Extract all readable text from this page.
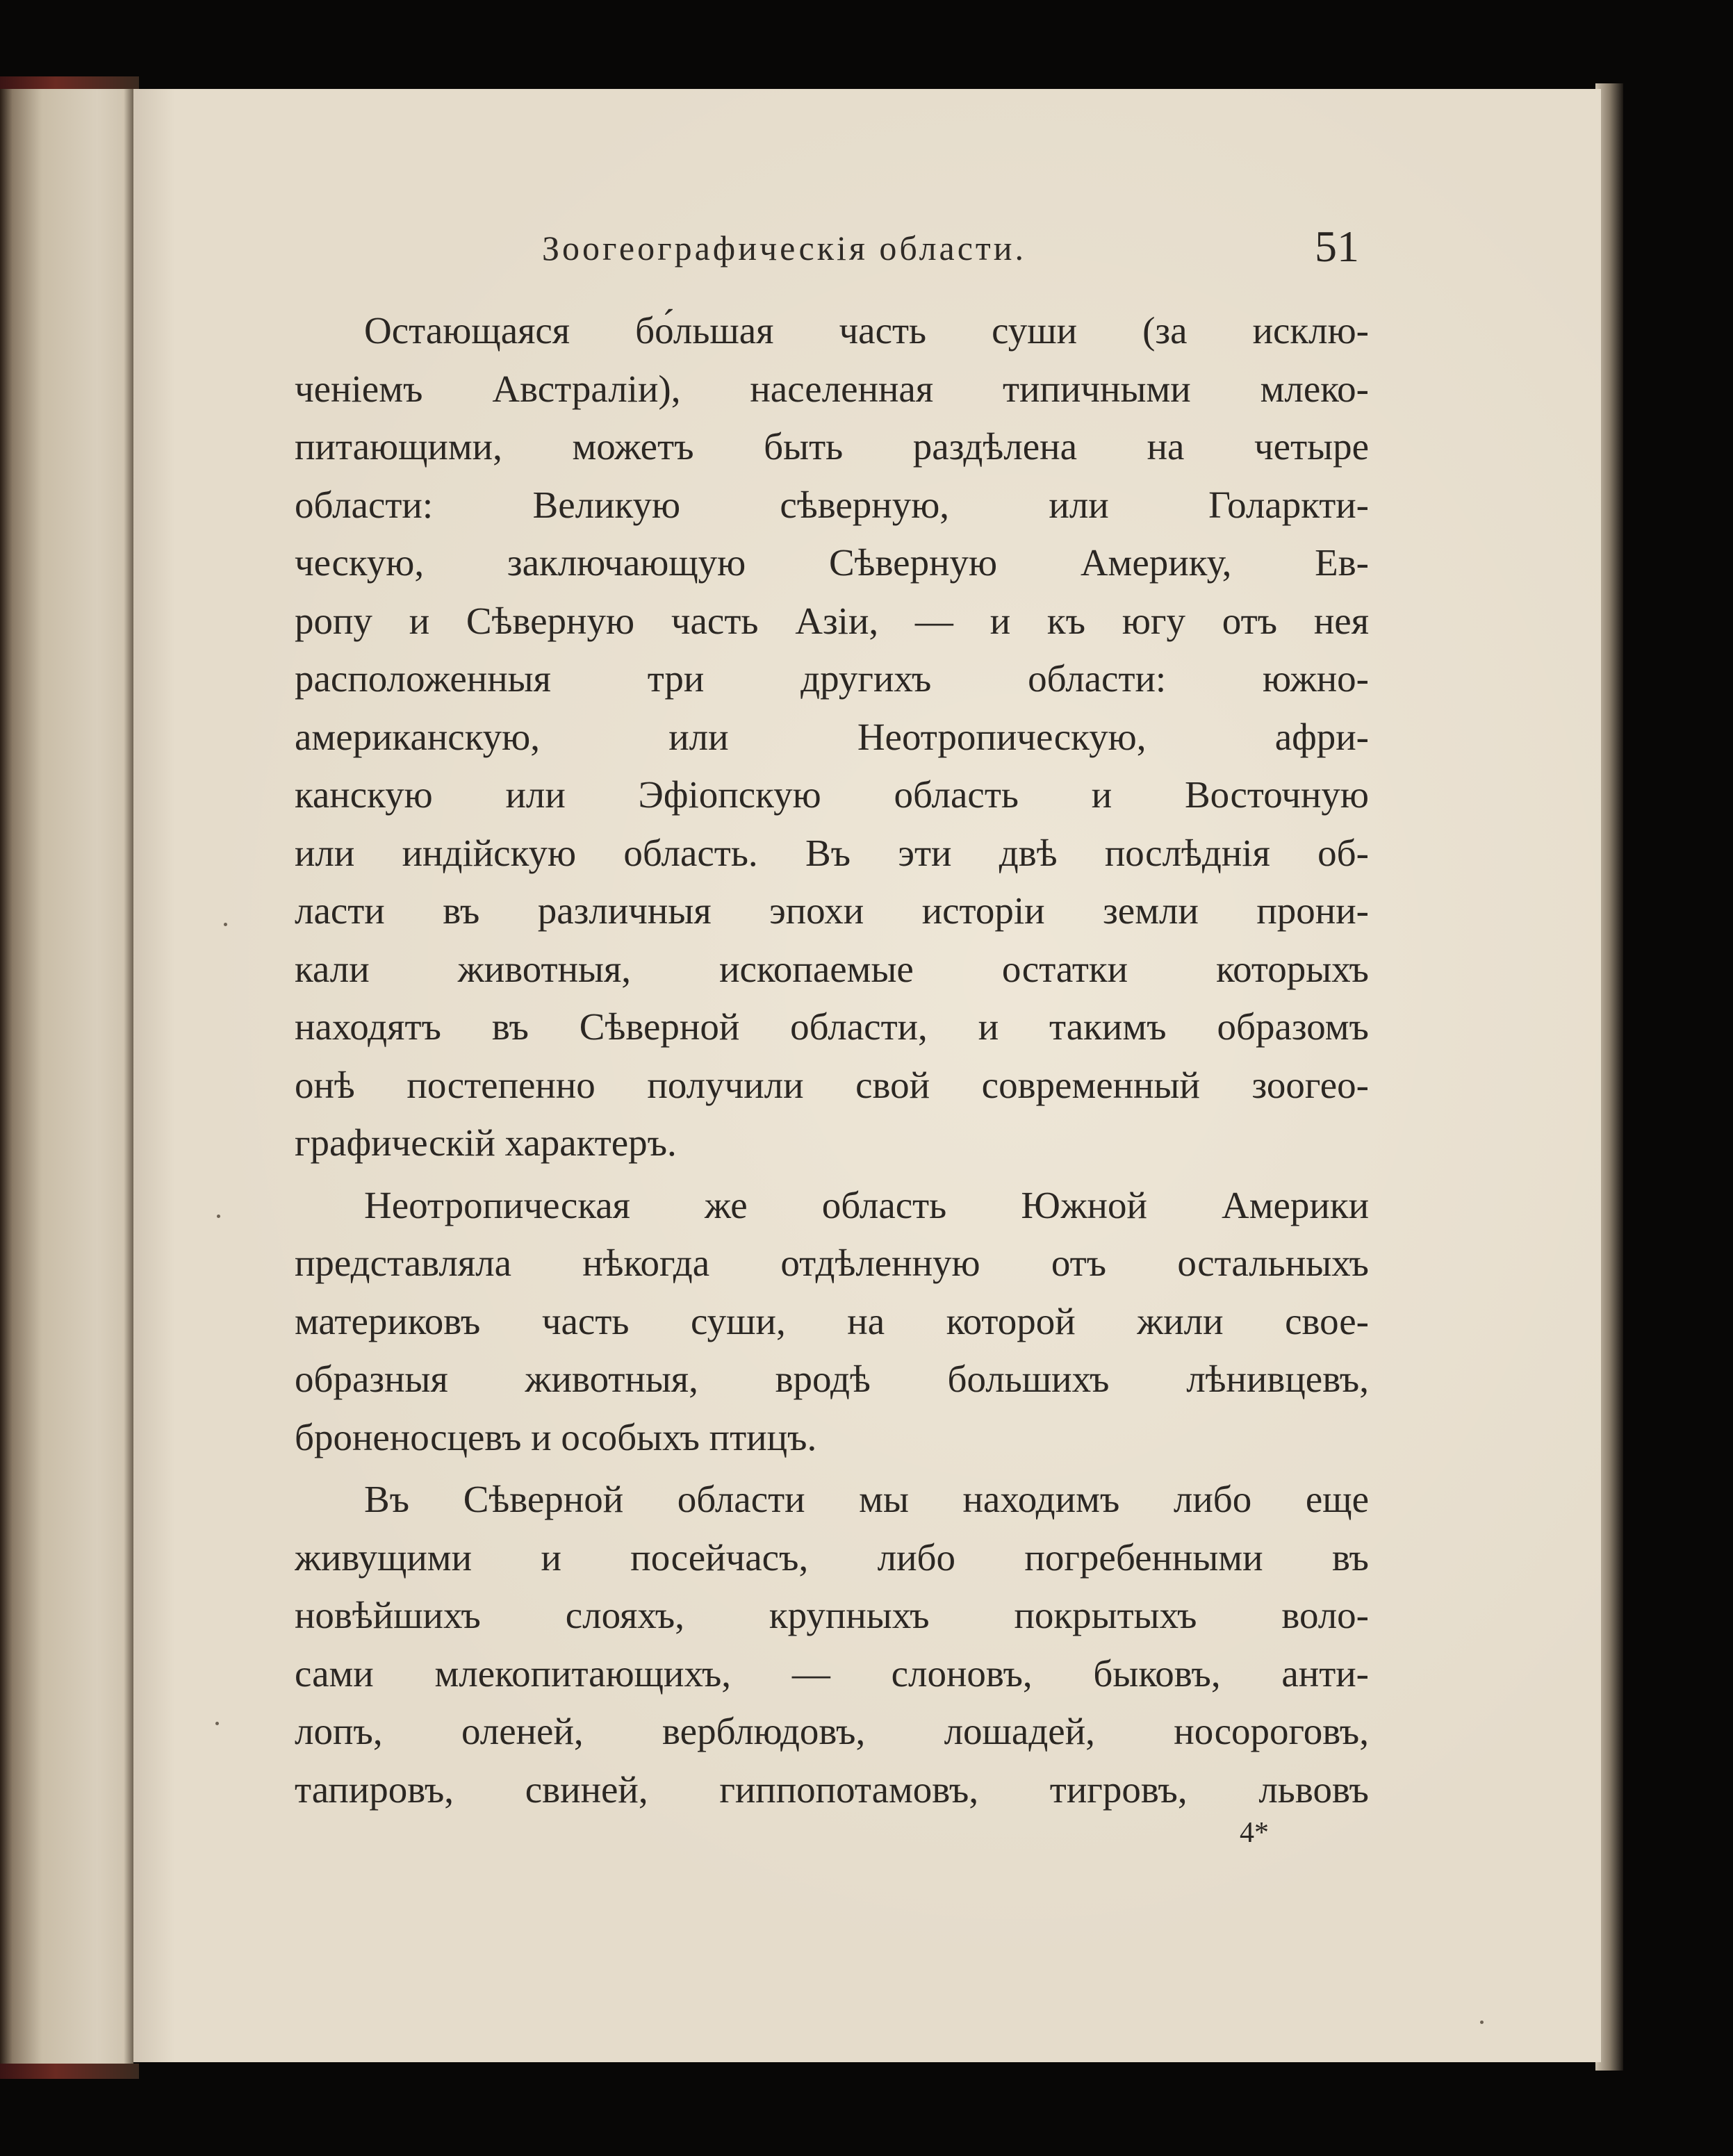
Зоогеографическія области.	51

Остающаяся бо́льшая часть суши (за исклю-
ченіемъ Австраліи), населенная типичными млеко-
питающими, можетъ быть раздѣлена на четыре
области: Великую сѣверную, или Голаркти-
ческую, заключающую Сѣверную Америку, Ев-
ропу и Сѣверную часть Азіи, — и къ югу отъ нея
расположенныя три другихъ области: южно-
американскую, или Неотропическую, афри-
канскую или Эфіопскую область и Восточную
или индійскую область. Въ эти двѣ послѣднія об-
ласти въ различныя эпохи исторіи земли прони-
кали животныя, ископаемые остатки которыхъ
находятъ въ Сѣверной области, и такимъ образомъ
онѣ постепенно получили свой современный зоогео-
графическій характеръ.

Неотропическая же область Южной Америки
представляла нѣкогда отдѣленную отъ остальныхъ
материковъ часть суши, на которой жили свое-
образныя животныя, вродѣ большихъ лѣнивцевъ,
броненосцевъ и особыхъ птицъ.

Въ Сѣверной области мы находимъ либо еще
живущими и посейчасъ, либо погребенными въ
новѣйшихъ слояхъ, крупныхъ покрытыхъ воло-
сами млекопитающихъ, — слоновъ, быковъ, анти-
лопъ, оленей, верблюдовъ, лошадей, носороговъ,
тапировъ, свиней, гиппопотамовъ, тигровъ, львовъ

4*
